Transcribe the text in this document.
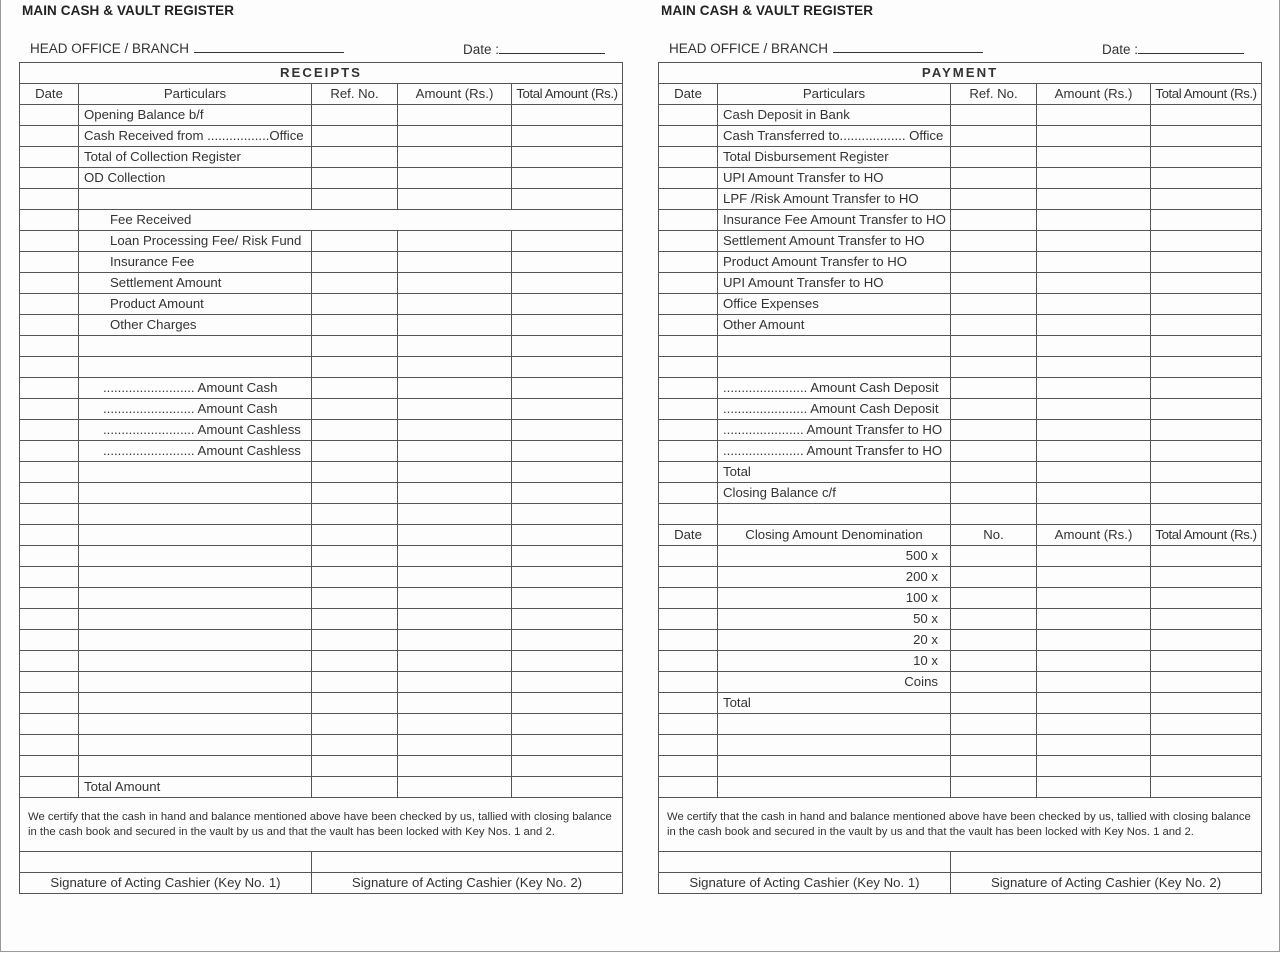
MAIN CASH & VAULT REGISTER
HEAD OFFICE / BRANCH	Date :
RECEIPTS				
Date	Particulars	Ref. No.	Amount (Rs.)	Total Amount (Rs.)
	Opening Balance b/f			
	Cash Received from .................Office			
	Total of Collection Register			
	OD Collection			

	Fee Received			
	Loan Processing Fee/ Risk Fund			
	Insurance Fee			
	Settlement Amount			
	Product Amount			
	Other Charges			

	......................... Amount Cash			
	......................... Amount Cash			
	......................... Amount Cashless			
	......................... Amount Cashless			

	Total Amount			
We certify that the cash in hand and balance mentioned above have been checked by us, tallied with closing balance in the cash book and secured in the vault by us and that the vault has been locked with Key Nos. 1 and 2.				

Signature of Acting Cashier (Key No. 1)		Signature of Acting Cashier (Key No. 2)		
MAIN CASH & VAULT REGISTER
HEAD OFFICE / BRANCH	Date :
PAYMENT				
Date	Particulars	Ref. No.	Amount (Rs.)	Total Amount (Rs.)
	Cash Deposit in Bank			
	Cash Transferred to.................. Office			
	Total Disbursement Register			
	UPI Amount Transfer to HO			
	LPF /Risk Amount Transfer to HO			
	Insurance Fee Amount Transfer to HO			
	Settlement Amount Transfer to HO			
	Product Amount Transfer to HO			
	UPI Amount Transfer to HO			
	Office Expenses			
	Other Amount			

	....................... Amount Cash Deposit			
	....................... Amount Cash Deposit			
	...................... Amount Transfer to HO			
	...................... Amount Transfer to HO			
	Total			
	Closing Balance c/f			

Date	Closing Amount Denomination	No.	Amount (Rs.)	Total Amount (Rs.)
	500 x			
	200 x			
	100 x			
	50 x			
	20 x			
	10 x			
	Coins			
	Total			

We certify that the cash in hand and balance mentioned above have been checked by us, tallied with closing balance in the cash book and secured in the vault by us and that the vault has been locked with Key Nos. 1 and 2.				

Signature of Acting Cashier (Key No. 1)		Signature of Acting Cashier (Key No. 2)		
